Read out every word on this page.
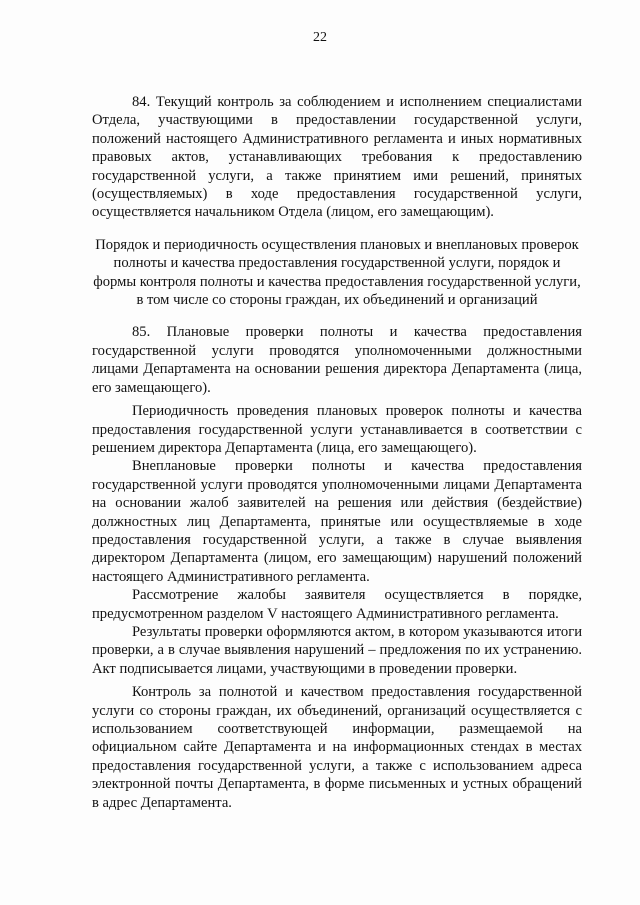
22

84. Текущий контроль за соблюдением и исполнением специалистами Отдела, участвующими в предоставлении государственной услуги, положений настоящего Административного регламента и иных нормативных правовых актов, устанавливающих требования к предоставлению государственной услуги, а также принятием ими решений, принятых (осуществляемых) в ходе предоставления государственной услуги, осуществляется начальником Отдела (лицом, его замещающим).

Порядок и периодичность осуществления плановых и внеплановых проверок полноты и качества предоставления государственной услуги, порядок и формы контроля полноты и качества предоставления государственной услуги, в том числе со стороны граждан, их объединений и организаций

85. Плановые проверки полноты и качества предоставления государственной услуги проводятся уполномоченными должностными лицами Департамента на основании решения директора Департамента (лица, его замещающего).

Периодичность проведения плановых проверок полноты и качества предоставления государственной услуги устанавливается в соответствии с решением директора Департамента (лица, его замещающего).

Внеплановые проверки полноты и качества предоставления государственной услуги проводятся уполномоченными лицами Департамента на основании жалоб заявителей на решения или действия (бездействие) должностных лиц Департамента, принятые или осуществляемые в ходе предоставления государственной услуги, а также в случае выявления директором Департамента (лицом, его замещающим) нарушений положений настоящего Административного регламента.

Рассмотрение жалобы заявителя осуществляется в порядке, предусмотренном разделом V настоящего Административного регламента.

Результаты проверки оформляются актом, в котором указываются итоги проверки, а в случае выявления нарушений – предложения по их устранению. Акт подписывается лицами, участвующими в проведении проверки.

Контроль за полнотой и качеством предоставления государственной услуги со стороны граждан, их объединений, организаций осуществляется с использованием соответствующей информации, размещаемой на официальном сайте Департамента и на информационных стендах в местах предоставления государственной услуги, а также с использованием адреса электронной почты Департамента, в форме письменных и устных обращений в адрес Департамента.
